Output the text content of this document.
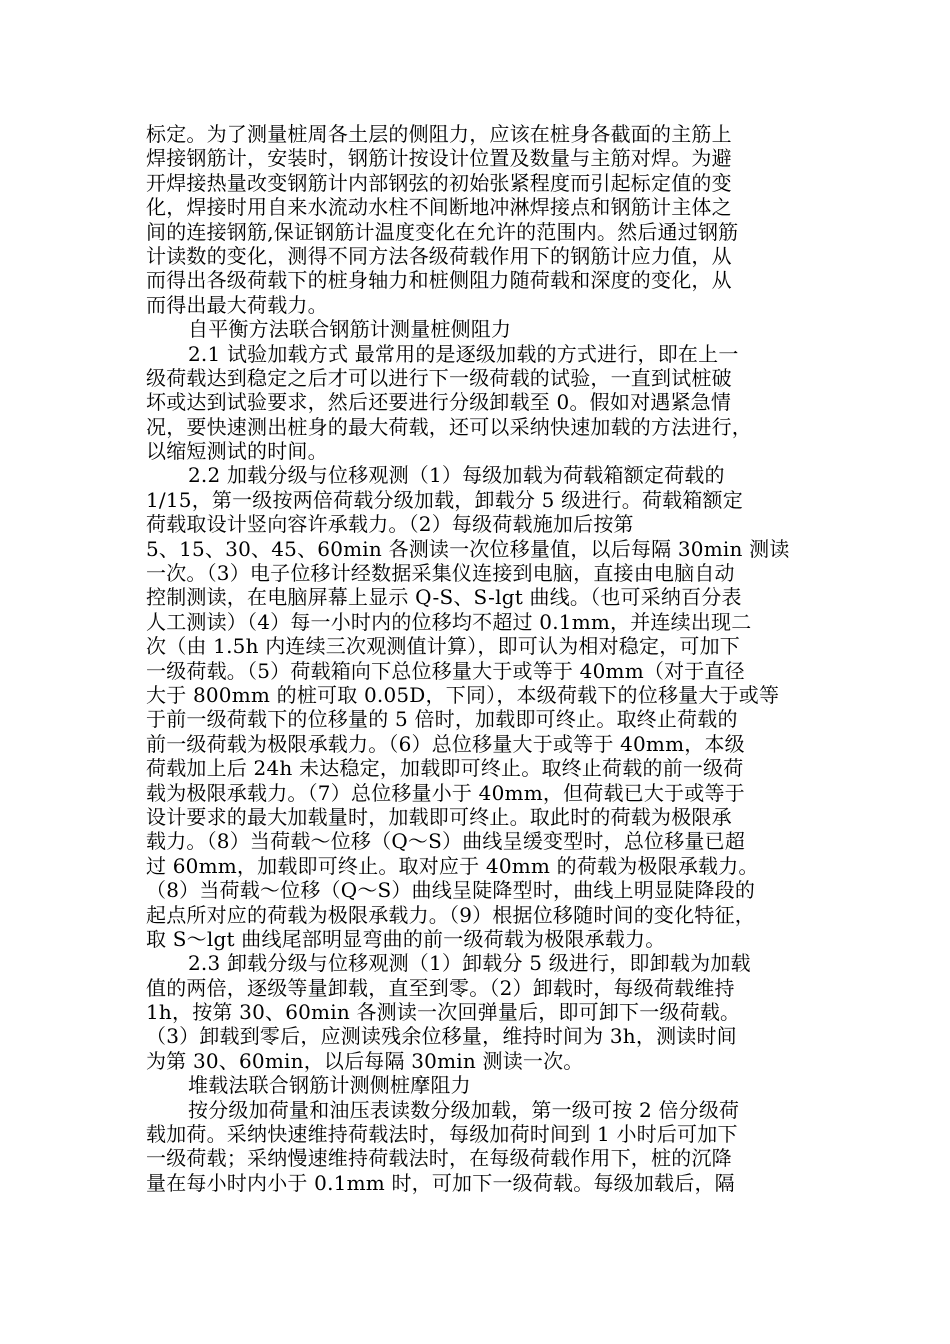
标定。为了测量桩周各土层的侧阻力，应该在桩身各截面的主筋上
焊接钢筋计，安装时，钢筋计按设计位置及数量与主筋对焊。为避
开焊接热量改变钢筋计内部钢弦的初始张紧程度而引起标定值的变
化，焊接时用自来水流动水柱不间断地冲淋焊接点和钢筋计主体之
间的连接钢筋,保证钢筋计温度变化在允许的范围内。然后通过钢筋
计读数的变化，测得不同方法各级荷载作用下的钢筋计应力值，从
而得出各级荷载下的桩身轴力和桩侧阻力随荷载和深度的变化，从
而得出最大荷载力。
自平衡方法联合钢筋计测量桩侧阻力
2.1 试验加载方式 最常用的是逐级加载的方式进行，即在上一
级荷载达到稳定之后才可以进行下一级荷载的试验，一直到试桩破
坏或达到试验要求，然后还要进行分级卸载至 0。假如对遇紧急情
况，要快速测出桩身的最大荷载，还可以采纳快速加载的方法进行，
以缩短测试的时间。
2.2 加载分级与位移观测（1）每级加载为荷载箱额定荷载的
1/15，第一级按两倍荷载分级加载，卸载分 5 级进行。荷载箱额定
荷载取设计竖向容许承载力。（2）每级荷载施加后按第
5、15、30、45、60min 各测读一次位移量值，以后每隔 30min 测读
一次。（3）电子位移计经数据采集仪连接到电脑，直接由电脑自动
控制测读，在电脑屏幕上显示 Q-S、S-lgt 曲线。（也可采纳百分表
人工测读）（4）每一小时内的位移均不超过 0.1mm，并连续出现二
次（由 1.5h 内连续三次观测值计算），即可认为相对稳定，可加下
一级荷载。（5）荷载箱向下总位移量大于或等于 40mm（对于直径
大于 800mm 的桩可取 0.05D，下同），本级荷载下的位移量大于或等
于前一级荷载下的位移量的 5 倍时，加载即可终止。取终止荷载的
前一级荷载为极限承载力。（6）总位移量大于或等于 40mm，本级
荷载加上后 24h 未达稳定，加载即可终止。取终止荷载的前一级荷
载为极限承载力。（7）总位移量小于 40mm，但荷载已大于或等于
设计要求的最大加载量时，加载即可终止。取此时的荷载为极限承
载力。（8）当荷载～位移（Q～S）曲线呈缓变型时，总位移量已超
过 60mm，加载即可终止。取对应于 40mm 的荷载为极限承载力。
（8）当荷载～位移（Q～S）曲线呈陡降型时，曲线上明显陡降段的
起点所对应的荷载为极限承载力。（9）根据位移随时间的变化特征，
取 S～lgt 曲线尾部明显弯曲的前一级荷载为极限承载力。
2.3 卸载分级与位移观测（1）卸载分 5 级进行，即卸载为加载
值的两倍，逐级等量卸载，直至到零。（2）卸载时，每级荷载维持
1h，按第 30、60min 各测读一次回弹量后，即可卸下一级荷载。
（3）卸载到零后，应测读残余位移量，维持时间为 3h，测读时间
为第 30、60min，以后每隔 30min 测读一次。
堆载法联合钢筋计测侧桩摩阻力
按分级加荷量和油压表读数分级加载，第一级可按 2 倍分级荷
载加荷。采纳快速维持荷载法时，每级加荷时间到 1 小时后可加下
一级荷载；采纳慢速维持荷载法时，在每级荷载作用下，桩的沉降
量在每小时内小于 0.1mm 时，可加下一级荷载。每级加载后，隔
